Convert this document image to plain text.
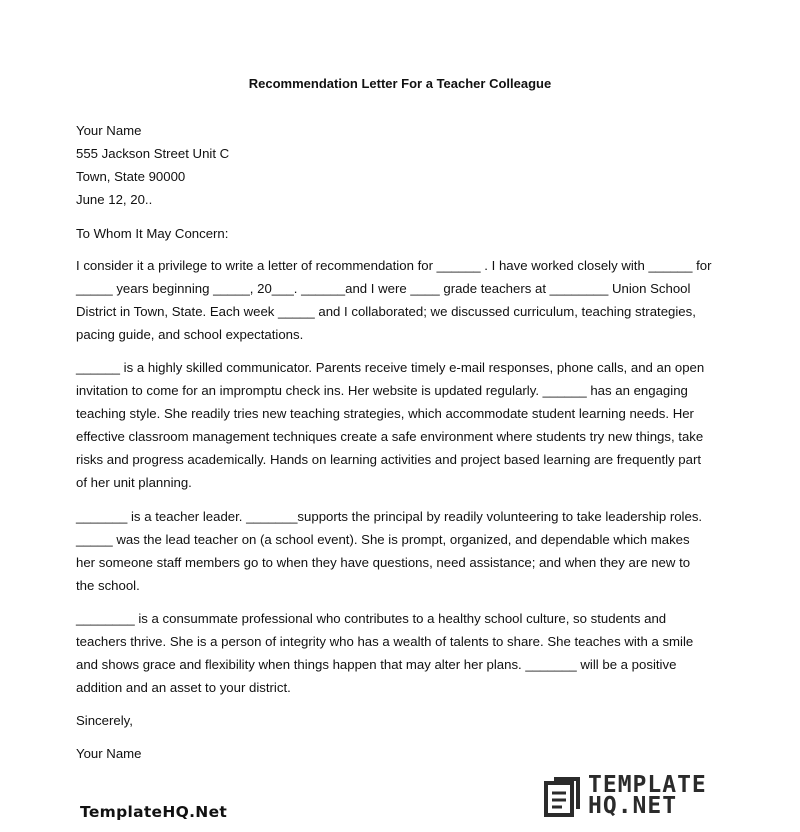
Recommendation Letter For a Teacher Colleague
Your Name
555 Jackson Street Unit C
Town, State 90000
June 12, 20..
To Whom It May Concern:
I consider it a privilege to write a letter of recommendation for ______ . I have worked closely with ______ for
_____ years beginning _____, 20___. ______and I were ____ grade teachers at ________ Union School
District in Town, State. Each week _____ and I collaborated; we discussed curriculum, teaching strategies,
pacing guide, and school expectations.
______ is a highly skilled communicator. Parents receive timely e-mail responses, phone calls, and an open
invitation to come for an impromptu check ins. Her website is updated regularly. ______ has an engaging
teaching style. She readily tries new teaching strategies, which accommodate student learning needs. Her
effective classroom management techniques create a safe environment where students try new things, take
risks and progress academically. Hands on learning activities and project based learning are frequently part
of her unit planning.
_______ is a teacher leader. _______supports the principal by readily volunteering to take leadership roles.
_____ was the lead teacher on (a school event). She is prompt, organized, and dependable which makes
her someone staff members go to when they have questions, need assistance; and when they are new to
the school.
________ is a consummate professional who contributes to a healthy school culture, so students and
teachers thrive. She is a person of integrity who has a wealth of talents to share. She teaches with a smile
and shows grace and flexibility when things happen that may alter her plans. _______ will be a positive
addition and an asset to your district.
Sincerely,
Your Name
TemplateHQ.Net
TEMPLATE
HQ.NET
